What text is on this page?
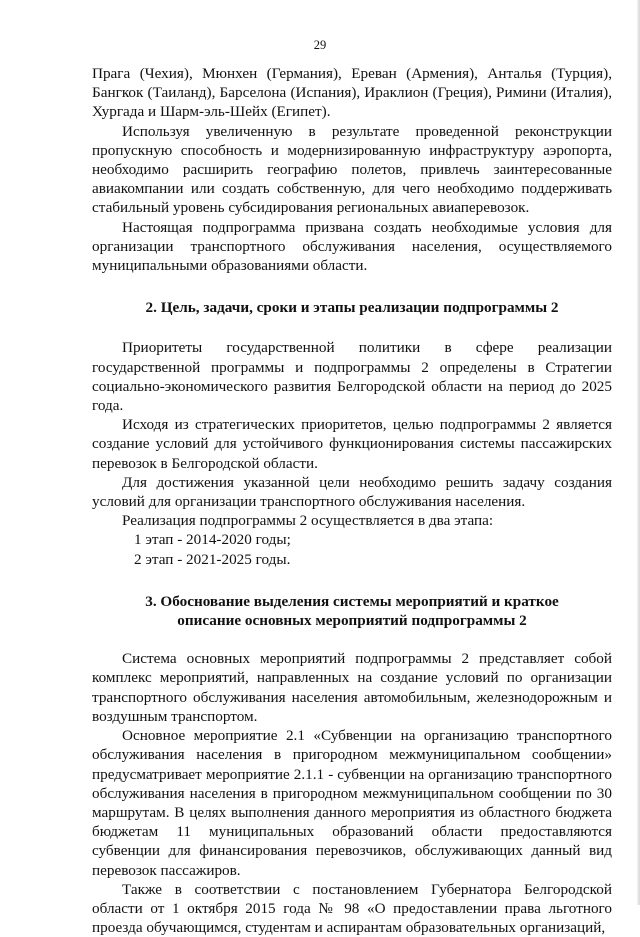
29

Прага (Чехия), Мюнхен (Германия), Ереван (Армения), Анталья (Турция), Бангкок (Таиланд), Барселона (Испания), Ираклион (Греция), Римини (Италия), Хургада и Шарм-эль-Шейх (Египет).

Используя увеличенную в результате проведенной реконструкции пропускную способность и модернизированную инфраструктуру аэропорта, необходимо расширить географию полетов, привлечь заинтересованные авиакомпании или создать собственную, для чего необходимо поддерживать стабильный уровень субсидирования региональных авиаперевозок.

Настоящая подпрограмма призвана создать необходимые условия для организации транспортного обслуживания населения, осуществляемого муниципальными образованиями области.

2. Цель, задачи, сроки и этапы реализации подпрограммы 2

Приоритеты государственной политики в сфере реализации государственной программы и подпрограммы 2 определены в Стратегии социально-экономического развития Белгородской области на период до 2025 года.

Исходя из стратегических приоритетов, целью подпрограммы 2 является создание условий для устойчивого функционирования системы пассажирских перевозок в Белгородской области.

Для достижения указанной цели необходимо решить задачу создания условий для организации транспортного обслуживания населения.

Реализация подпрограммы 2 осуществляется в два этапа:

1 этап - 2014-2020 годы;

2 этап - 2021-2025 годы.

3. Обоснование выделения системы мероприятий и краткое
описание основных мероприятий подпрограммы 2

Система основных мероприятий подпрограммы 2 представляет собой комплекс мероприятий, направленных на создание условий по организации транспортного обслуживания населения автомобильным, железнодорожным и воздушным транспортом.

Основное мероприятие 2.1 «Субвенции на организацию транспортного обслуживания населения в пригородном межмуниципальном сообщении» предусматривает мероприятие 2.1.1 - субвенции на организацию транспортного обслуживания населения в пригородном межмуниципальном сообщении по 30 маршрутам. В целях выполнения данного мероприятия из областного бюджета бюджетам 11 муниципальных образований области предоставляются субвенции для финансирования перевозчиков, обслуживающих данный вид перевозок пассажиров.

Также в соответствии с постановлением Губернатора Белгородской области от 1 октября 2015 года № 98 «О предоставлении права льготного проезда обучающимся, студентам и аспирантам образовательных организаций,
